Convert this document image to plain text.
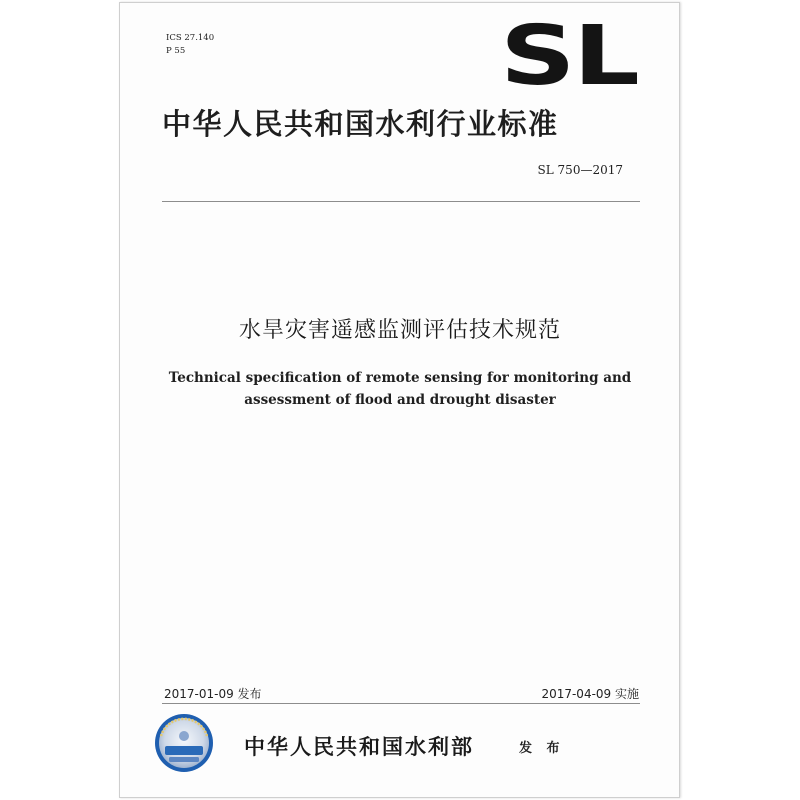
ICS 27.140
P 55	SL
中华人民共和国水利行业标准
SL 750—2017
水旱灾害遥感监测评估技术规范
Technical specification of remote sensing for monitoring and
assessment of flood and drought disaster
2017-01-09 发布	2017-04-09 实施
中华人民共和国水利部	发 布
